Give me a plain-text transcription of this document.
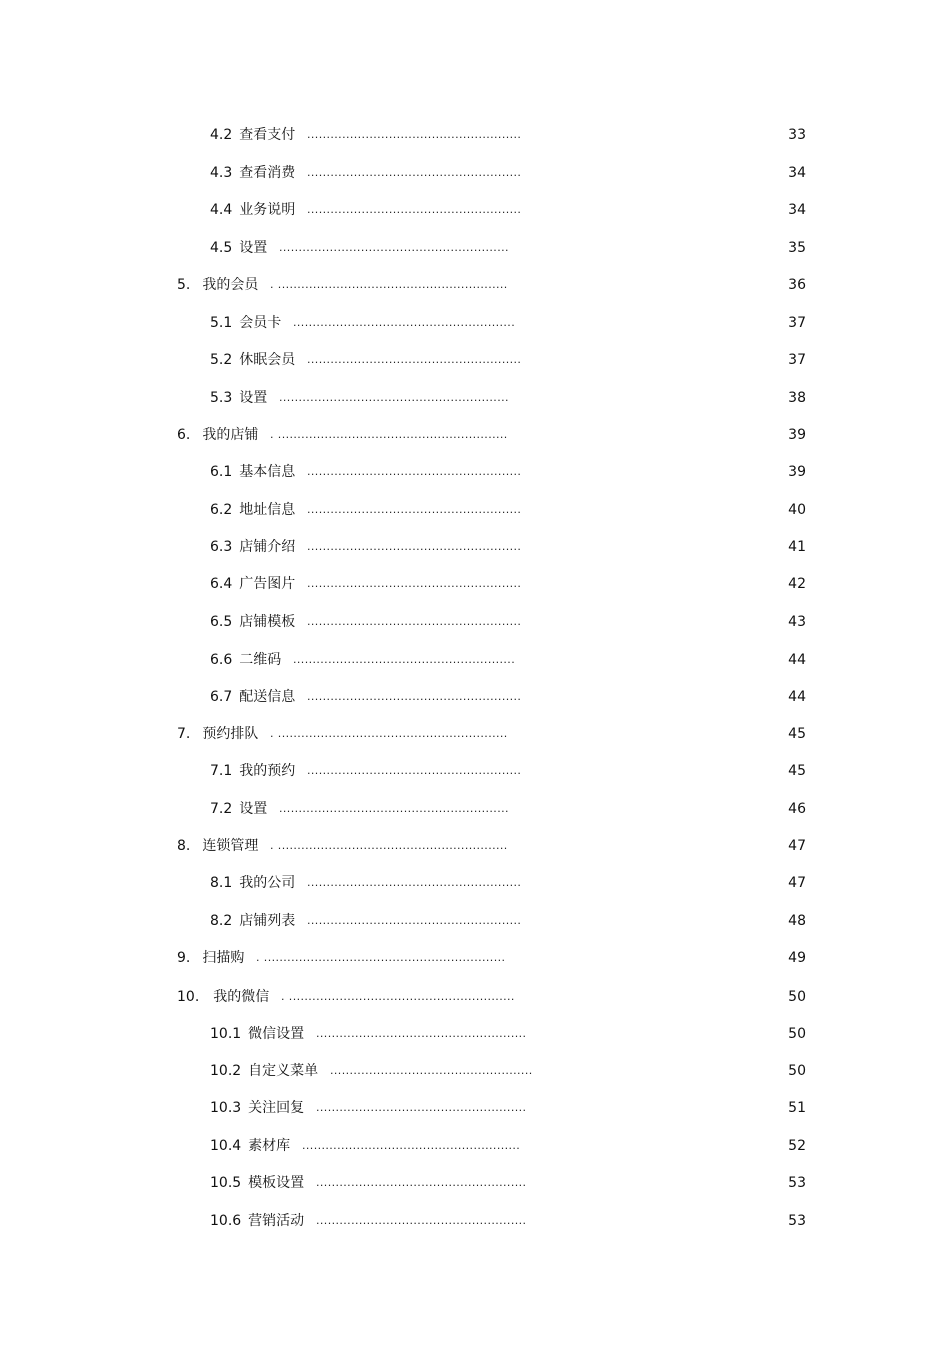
4.2 查看支付 .......................................................	33
4.3 查看消费 .......................................................	34
4.4 业务说明 .......................................................	34
4.5 设置 ...........................................................	35
5. 我的会员 . ...........................................................	36
5.1 会员卡 .........................................................	37
5.2 休眠会员 .......................................................	37
5.3 设置 ...........................................................	38
6. 我的店铺 . ...........................................................	39
6.1 基本信息 .......................................................	39
6.2 地址信息 .......................................................	40
6.3 店铺介绍 .......................................................	41
6.4 广告图片 .......................................................	42
6.5 店铺模板 .......................................................	43
6.6 二维码 .........................................................	44
6.7 配送信息 .......................................................	44
7. 预约排队 . ...........................................................	45
7.1 我的预约 .......................................................	45
7.2 设置 ...........................................................	46
8. 连锁管理 . ...........................................................	47
8.1 我的公司 .......................................................	47
8.2 店铺列表 .......................................................	48
9. 扫描购 . ..............................................................	49
10. 我的微信 . ..........................................................	50
10.1 微信设置 ......................................................	50
10.2 自定义菜单 ....................................................	50
10.3 关注回复 ......................................................	51
10.4 素材库 ........................................................	52
10.5 模板设置 ......................................................	53
10.6 营销活动 ......................................................	53
